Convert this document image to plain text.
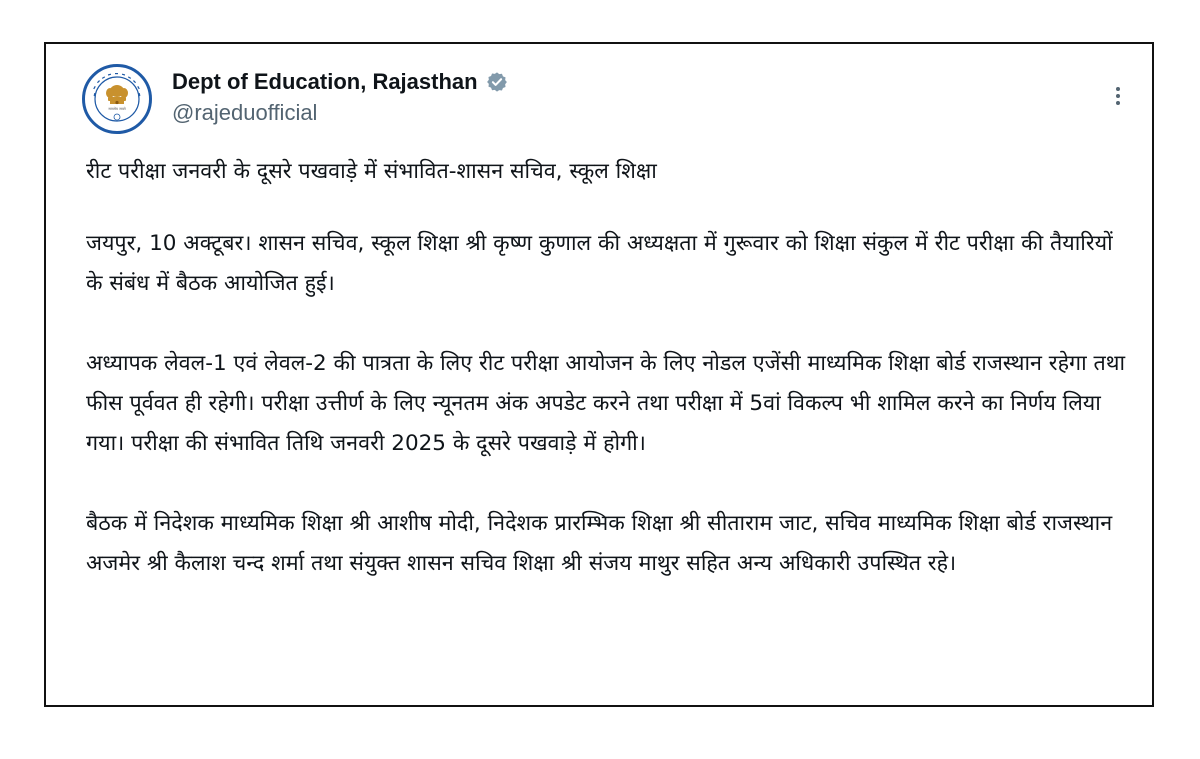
सत्यमेव जयते
Dept of Education, Rajasthan
@rajeduofficial

रीट परीक्षा जनवरी के दूसरे पखवाड़े में संभावित-शासन सचिव, स्कूल शिक्षा

जयपुर, 10 अक्टूबर। शासन सचिव, स्कूल शिक्षा श्री कृष्ण कुणाल की अध्यक्षता में गुरूवार को शिक्षा संकुल में रीट परीक्षा की तैयारियों के संबंध में बैठक आयोजित हुई।

अध्यापक लेवल-1 एवं लेवल-2 की पात्रता के लिए रीट परीक्षा आयोजन के लिए नोडल एजेंसी माध्यमिक शिक्षा बोर्ड राजस्थान रहेगा तथा फीस पूर्ववत ही रहेगी। परीक्षा उत्तीर्ण के लिए न्यूनतम अंक अपडेट करने तथा परीक्षा में 5वां विकल्प भी शामिल करने का निर्णय लिया गया। परीक्षा की संभावित तिथि जनवरी 2025 के दूसरे पखवाड़े में होगी।

बैठक में निदेशक माध्यमिक शिक्षा श्री आशीष मोदी, निदेशक प्रारम्भिक शिक्षा श्री सीताराम जाट, सचिव माध्यमिक शिक्षा बोर्ड राजस्थान अजमेर श्री कैलाश चन्द शर्मा तथा संयुक्त शासन सचिव शिक्षा श्री संजय माथुर सहित अन्य अधिकारी उपस्थित रहे।
